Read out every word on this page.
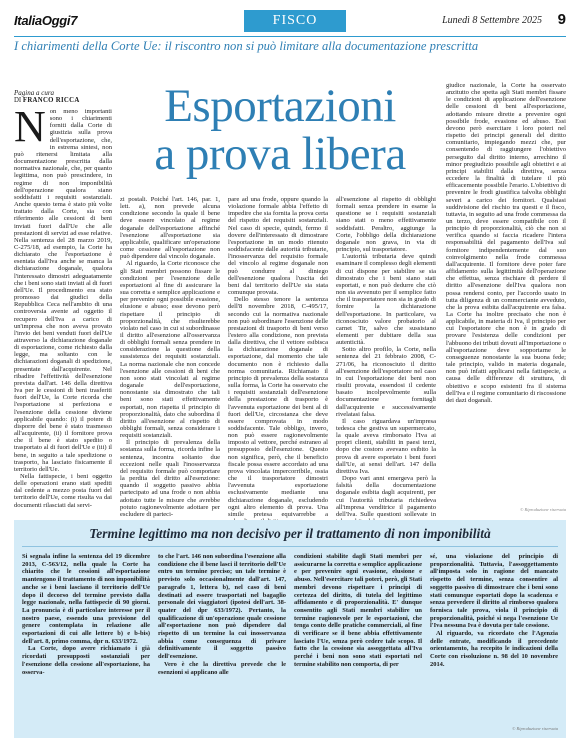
ItaliaOggi7	FISCO	Lunedì 8 Settembre 2025 9
I chiarimenti della Corte Ue: il riscontro non si può limitare alla documentazione prescritta
Pagina a cura
DI FRANCO RICCA

Non meno importanti sono i chiarimenti forniti dalla Corte di giustizia sulla prova dell'esportazione, che, in estrema sintesi, non può ritenersi limitata alla documentazione prescritta dalla normativa nazionale, che, per quanto legittima, non può prescindere, in regime di non imponibilità dell'operazione qualora siano soddisfatti i requisiti sostanziali. Anche questo tema è stato più volte trattato dalla Corte, sia con riferimento alle cessioni di beni inviati fuori dall'Ue che alle prestazioni di servizi ad esse relative. Nella sentenza del 28 marzo 2019, C-275/18, ad esempio, la Corte ha dichiarato che l'esportazione è esentata dall'Iva anche se manca la dichiarazione doganale, qualora l'interessato dimostri adeguatamente che i beni sono stati inviati al di fuori dell'Ue. Il procedimento era stato promosso dai giudici della Repubblica Ceca nell'ambito di una controversia avente ad oggetto il recupero dell'Iva a carico di un'impresa che non aveva provato l'invio dei beni venduti fuori dell'Ue attraverso la dichiarazione doganale di esportazione, come richiesto dalla legge, ma soltanto con le dichiarazioni doganali di spedizione, presentate dall'acquirente. Nel ribadire l'effettività dell'esenzione prevista dall'art. 146 della direttiva Iva per le cessioni di beni trasferiti fuori dell'Ue, la Corte ricorda che l'esportazione si perfeziona e l'esenzione della cessione diviene applicabile quando: (i) il potere di disporre del bene è stato trasmesso all'acquirente, (ii) il fornitore prova che il bene è stato spedito o trasportato al di fuori dell'Ue e (iii) il bene, in seguito a tale spedizione o trasporto, ha lasciato fisicamente il territorio dell'Ue.

Nella fattispecie, i beni oggetto delle operazioni erano stati spediti dal cedente a mezzo posta fuori del territorio dell'Ue, come risulta va dai documenti rilasciati dai servi-

Esportazioni
a prova libera

zi postali. Poiché l'art. 146, par. 1, lett. a), non prevede alcuna condizione secondo la quale il bene deve essere vincolato al regime doganale dell'esportazione affinché l'esenzione all'esportazione sia applicabile, qualificare un'operazione come cessione all'esportazione non può dipendere dal vincolo doganale.

Al riguardo, la Corte riconosce che gli Stati membri possono fissare le condizioni per l'esenzione delle esportazioni al fine di assicurare la sua corretta e semplice applicazione e per prevenire ogni possibile evasione, elusione e abuso; esse devono però rispettare il principio di proporzionalità, che risulterebbe violato nel caso in cui si subordinasse il diritto all'esenzione all'osservanza di obblighi formali senza prendere in considerazione la questione della sussistenza dei requisiti sostanziali. La norma nazionale che non concede l'esenzione alle cessioni di beni che non sono stati vincolati al regime doganale dell'esportazione, nonostante sia dimostrato che tali beni sono stati effettivamente esportati, non rispetta il principio di proporzionalità, dato che subordina il diritto all'esenzione al rispetto di obblighi formali, senza considerare i requisiti sostanziali.

Il principio di prevalenza della sostanza sulla forma, ricorda infine la sentenza, incontra soltanto due eccezioni nelle quali l'inosservanza del requisito formale può comportare la perdita del diritto all'esenzione: quando il soggetto passivo abbia partecipato ad una frode o non abbia adottato tutte le misure che avrebbe potuto ragionevolmente adottare per escludere di parteci-

pare ad una frode, oppure quando la violazione formale abbia l'effetto di impedire che sia fornita la prova certa del rispetto dei requisiti sostanziali. Nel caso di specie, quindi, fermo il dovere dell'interessato di dimostrare l'esportazione in un modo ritenuto soddisfacente dalle autorità tributarie, l'inosservanza del requisito formale del vincolo al regime doganale non può condurre al diniego dell'esenzione qualora l'uscita dei beni dal territorio dell'Ue sia stata comunque provata.

Dello stesso tenore la sentenza dell'8 novembre 2018, C-495/17, secondo cui la normativa nazionale non può subordinare l'esenzione delle prestazioni di trasporto di beni verso l'estero alla condizione, non prevista dalla direttiva, che il vettore esibisca la dichiarazione doganale di esportazione, dal momento che tale documento non è richiesto dalla norma comunitaria. Richiamato il principio di prevalenza della sostanza sulla forma, la Corte ha osservato che i requisiti sostanziali dell'esenzione della prestazione di trasporto è l'avvenuta esportazione dei beni al di fuori dell'Ue, circostanza che deve essere comprovata in modo soddisfacente. Tale obbligo, invero, non può essere ragionevolmente imposto al vettore, perché estraneo al presupposto dell'esenzione. Questo non significa, però, che il beneficio fiscale possa essere accordato ad una prova vincolata impercorribile, ossia che il trasportatore dimostri l'avvenuta esportazione esclusivamente mediante una dichiarazione doganale, escludendo ogni altro elemento di prova. Una simile pretesa equivarrebbe a

all'esenzione al rispetto di obblighi formali senza prendere in esame la questione se i requisiti sostanziali siano stati o meno effettivamente soddisfatti. Peraltro, aggiunge la Corte, l'obbligo della dichiarazione doganale non grava, in via di principio, sul trasportatore.

L'autorità tributaria deve quindi esaminare il complesso degli elementi di cui dispone per stabilire se sia dimostrato che i beni siano stati esportati, e non può dedurre che ciò non sia avvenuto per il semplice fatto che il trasportatore non sia in grado di fornire la dichiarazione dell'esportazione. In particolare, va riconosciuto valore probatorio al carnet Tir, salvo che sussistano elementi per dubitare della sua autenticità.

Sotto altro profilo, la Corte, nella sentenza del 21 febbraio 2008, C-271/06, ha riconosciuto il diritto all'esenzione dell'esportatore nel caso in cui l'esportazione dei beni non risulti provata, essendosi il cedente basato incolpevolmente sulla documentazione fornitagli dall'acquirente e successivamente rivelatasi falsa.

Il caso riguardava un'impresa tedesca che gestiva un supermercato, la quale aveva rimborsato l'Iva ai propri clienti, stabiliti in paesi terzi, dopo che costoro avevano esibito la prova di avere esportato i beni fuori dall'Ue, ai sensi dell'art. 147 della direttiva Iva.

Dopo vari anni emergeva però la falsità della documentazione doganale esibita dagli acquirenti, per cui l'autorità tributaria richiedeva all'impresa venditrice il pagamento dell'Iva. Sulle questioni sollevate in

giudice nazionale, la Corte ha osservato anzitutto che spetta agli Stati membri fissare le condizioni di applicazione dell'esenzione delle cessioni di beni all'esportazione, adottando misure dirette a prevenire ogni possibile frode, evasione ed abuso. Essi devono però esercitare i loro poteri nel rispetto dei principi generali del diritto comunitario, impiegando mezzi che, pur consentendo di raggiungere l'obiettivo perseguito dal diritto interno, arrechino il minor pregiudizio possibile agli obiettivi e ai principi stabiliti dalla direttiva, senza eccedere la finalità di tutelare il più efficacemente possibile l'erario. L'obiettivo di prevenire le frodi giustifica talvolta obblighi severi a carico dei fornitori. Qualsiasi suddivisione del rischio tra questi e il fisco, tuttavia, in seguito ad una frode commessa da un terzo, deve essere compatibile con il principio di proporzionalità, ciò che non si verifica quando si faccia ricadere l'intera responsabilità del pagamento dell'Iva sul fornitore indipendentemente dal suo coinvolgimento nella frode commessa dall'acquirente. Il fornitore deve poter fare affidamento sulla legittimità dell'operazione che effettua, senza rischiare di perdere il diritto all'esenzione dell'Iva qualora non possa rendersi conto, per l'accordo usato in tutta diligenza di un commerciante avveduto, che la prova esibita dall'acquirente era falsa. La Corte ha inoltre precisato che non è applicabile, in materia di Iva, il principio per cui l'esportatore che non è in grado di provare l'esistenza delle condizioni per l'abbuono dei tributi dovuti all'importazione o all'esportazione deve sopportarne le conseguenze nonostante la sua buona fede; tale principio, valido in materia doganale, non può infatti applicarsi nella fattispecie, a causa delle differenze di struttura, di obiettivo e scopo esistenti fra il sistema dell'Iva e il regime comunitario di riscossione dei dazi doganali.

© Riproduzione riservata
Termine legittimo ma non decisivo per il trattamento di non imponibilità

Si segnala infine la sentenza del 19 dicembre 2013, C-563/12, nella quale la Corte ha chiarito che le cessioni all'esportazione mantengono il trattamento di non imponibilità anche se i beni lasciano il territorio dell'Ue dopo il decorso del termine previsto dalla legge nazionale, nella fattispecie di 90 giorni. La pronuncia è di particolare interesse per il nostro paese, essendo una previsione del genere contemplata in relazione alle esportazioni di cui alle lettere b) e b-bis) dell'art. 8, primo comma, dpr n. 633/1972.

La Corte, dopo avere richiamato i già ricordati presupposti sostanziali per l'esenzione della cessione all'esportazione, ha osserva-

to che l'art. 146 non subordina l'esenzione alla condizione che il bene lasci il territorio dell'Ue entro un termine preciso; un tale termine è previsto solo occasionalmente dall'art. 147, paragrafo 1, lettera b), nel caso di beni destinati ad essere trasportati nel bagaglio personale dei viaggiatori (ipotesi dell'art. 38-quater del dpr 633/1972). Pertanto, la qualificazione di un'operazione quale cessione all'esportazione non può dipendere dal rispetto di un termine la cui inosservanza abbia come conseguenza di privare definitivamente il soggetto passivo dell'esenzione.

Vero è che la direttiva prevede che le esenzioni si applicano alle

condizioni stabilite dagli Stati membri per assicurarne la corretta e semplice applicazione e per prevenire ogni evasione, elusione e abuso. Nell'esercitare tali poteri, però, gli Stati membri devono rispettare i principi di certezza del diritto, di tutela del legittimo affidamento e di proporzionalità. E' dunque consentito agli Stati membri stabilire un termine ragionevole per le esportazioni, che tenga conto delle pratiche commerciali, al fine di verificare se il bene abbia effettivamente lasciato l'Ue, senza però cedere tale scopo. Il fatto che la cessione sia assoggettata all'Iva perché i beni non sono stati esportati nel termine stabilito non comporta, di per

sé, una violazione del principio di proporzionalità. Tuttavia, l'assoggettamento all'imposta solo in ragione del mancato rispetto del termine, senza consentire al soggetto passivo di dimostrare che i beni sono stati comunque esportati dopo la scadenza e senza prevedere il diritto al rimborso qualora fornisca tale prova, viola il principio di proporzionalità, poiché si nega l'esenzione Ue l'Iva nessuna Iva è dovuta per tale cessione.

Al riguardo, va ricordato che l'Agenzia delle entrate, modificando il precedente orientamento, ha recepito le indicazioni della Corte con risoluzione n. 98 del 10 novembre 2014.

© Riproduzione riservata
